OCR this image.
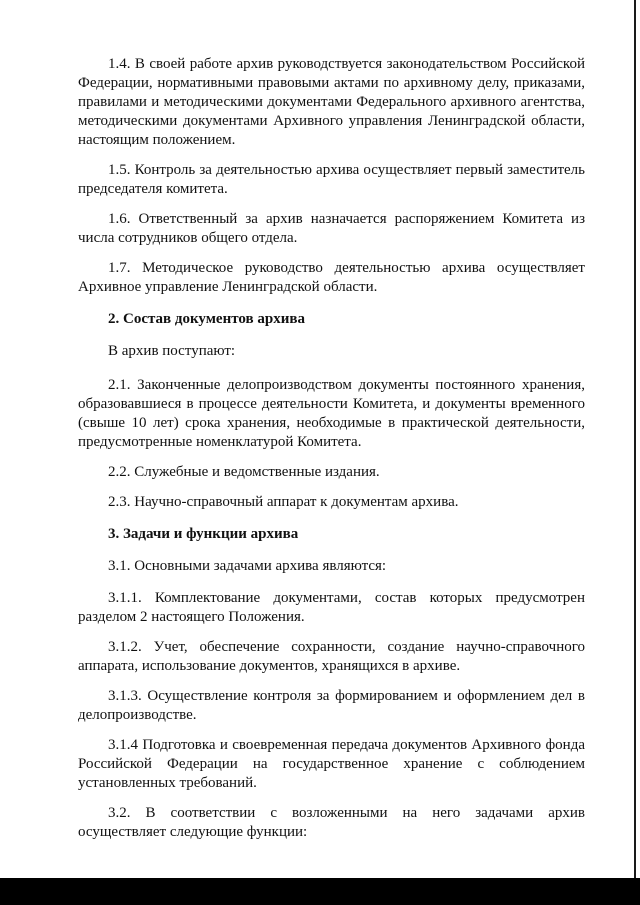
1.4. В своей работе архив руководствуется законодательством Российской Федерации, нормативными правовыми актами по архивному делу, приказами, правилами и методическими документами Федерального архивного агентства, методическими документами Архивного управления Ленинградской области, настоящим положением.

1.5. Контроль за деятельностью архива осуществляет первый заместитель председателя комитета.

1.6. Ответственный за архив назначается распоряжением Комитета из числа сотрудников общего отдела.

1.7. Методическое руководство деятельностью архива осуществляет Архивное управление Ленинградской области.

2. Состав документов архива

В архив поступают:

2.1. Законченные делопроизводством документы постоянного хранения, образовавшиеся в процессе деятельности Комитета, и документы временного (свыше 10 лет) срока хранения, необходимые в практической деятельности, предусмотренные номенклатурой Комитета.

2.2. Служебные и ведомственные издания.

2.3. Научно-справочный аппарат к документам архива.

3. Задачи и функции архива

3.1. Основными задачами архива являются:

3.1.1. Комплектование документами, состав которых предусмотрен разделом 2 настоящего Положения.

3.1.2. Учет, обеспечение сохранности, создание научно-справочного аппарата, использование документов, хранящихся в архиве.

3.1.3. Осуществление контроля за формированием и оформлением дел в делопроизводстве.

3.1.4 Подготовка и своевременная передача документов Архивного фонда Российской Федерации на государственное хранение с соблюдением установленных требований.

3.2. В соответствии с возложенными на него задачами архив осуществляет следующие функции:
